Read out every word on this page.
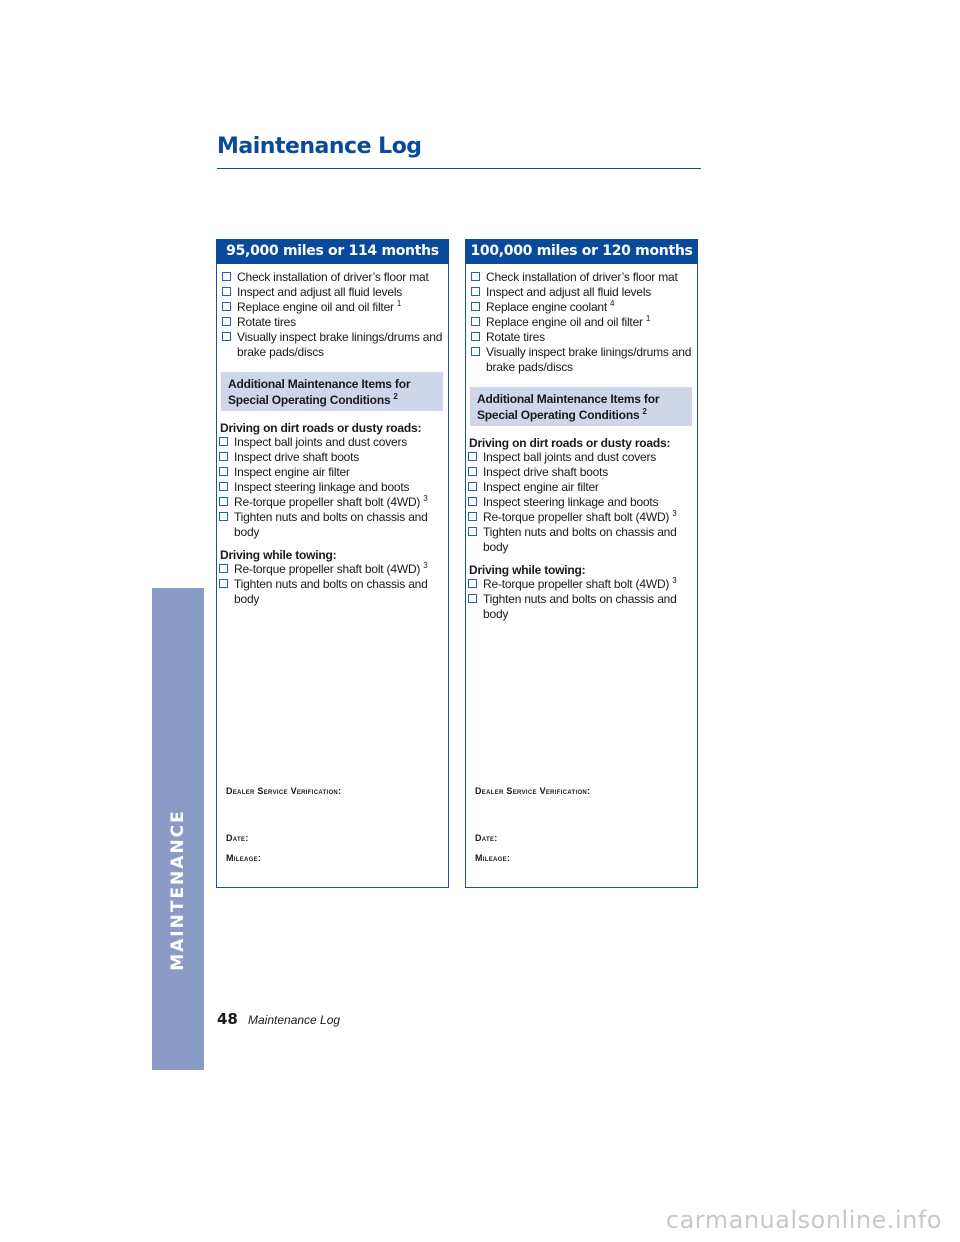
MAINTENANCE
Maintenance Log
95,000 miles or 114 months
Check installation of driver’s floor mat
Inspect and adjust all fluid levels
Replace engine oil and oil filter $^1$
Rotate tires
Visually inspect brake linings/drums and brake pads/discs
Additional Maintenance Items for
Special Operating Conditions $^2$
Driving on dirt roads or dusty roads:
Inspect ball joints and dust covers
Inspect drive shaft boots
Inspect engine air filter
Inspect steering linkage and boots
Re-torque propeller shaft bolt (4WD) $^3$
Tighten nuts and bolts on chassis and body
Driving while towing:
Re-torque propeller shaft bolt (4WD) $^3$
Tighten nuts and bolts on chassis and body
Dealer Service Verification:
Date:
Mileage:
100,000 miles or 120 months
Check installation of driver’s floor mat
Inspect and adjust all fluid levels
Replace engine coolant $^4$
Replace engine oil and oil filter $^1$
Rotate tires
Visually inspect brake linings/drums and brake pads/discs
Additional Maintenance Items for
Special Operating Conditions $^2$
Driving on dirt roads or dusty roads:
Inspect ball joints and dust covers
Inspect drive shaft boots
Inspect engine air filter
Inspect steering linkage and boots
Re-torque propeller shaft bolt (4WD) $^3$
Tighten nuts and bolts on chassis and body
Driving while towing:
Re-torque propeller shaft bolt (4WD) $^3$
Tighten nuts and bolts on chassis and body
Dealer Service Verification:
Date:
Mileage:
48 Maintenance Log
carmanualsonline.info
